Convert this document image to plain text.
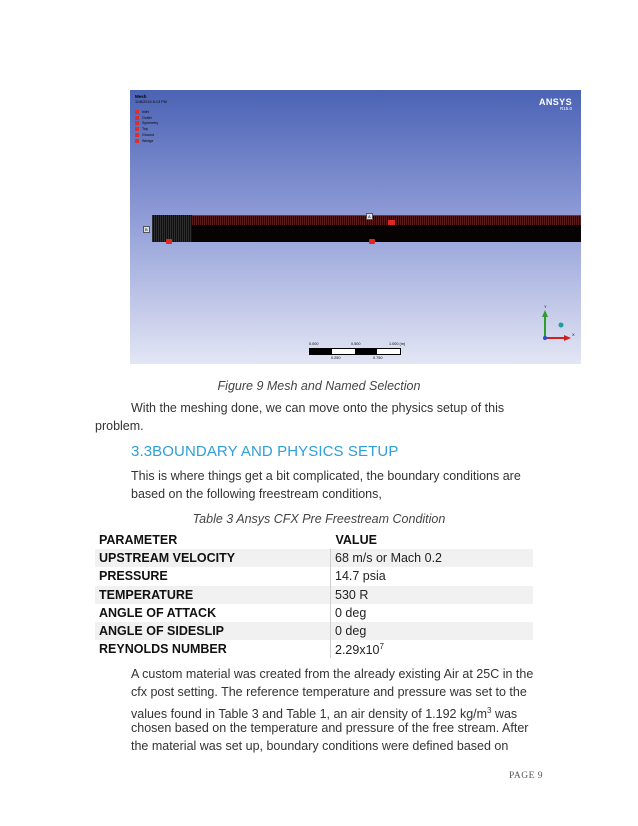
Mesh
11/8/2015 8:13 PM
Inlet
Outlet
Symmetry
Top
Ground
Wedge
ANSYS
R15.0
A
B
0.000	0.500	1.000 (m)
0.250	0.750
Y
X
Figure 9 Mesh and Named Selection

With the meshing done, we can move onto the physics setup of this

problem.

3.3BOUNDARY AND PHYSICS SETUP

This is where things get a bit complicated, the boundary conditions are

based on the following freestream conditions,

Table 3 Ansys CFX Pre Freestream Condition
PARAMETER	VALUE
UPSTREAM VELOCITY	68 m/s or Mach 0.2
PRESSURE	14.7 psia
TEMPERATURE	530 R
ANGLE OF ATTACK	0 deg
ANGLE OF SIDESLIP	0 deg
REYNOLDS NUMBER	$2.29x10^7$

A custom material was created from the already existing Air at 25C in the

cfx post setting. The reference temperature and pressure was set to the

values found in Table 3 and Table 1, an air density of 1.192 $kg/m^3$ was

chosen based on the temperature and pressure of the free stream. After

the material was set up, boundary conditions were defined based on

PAGE 9
